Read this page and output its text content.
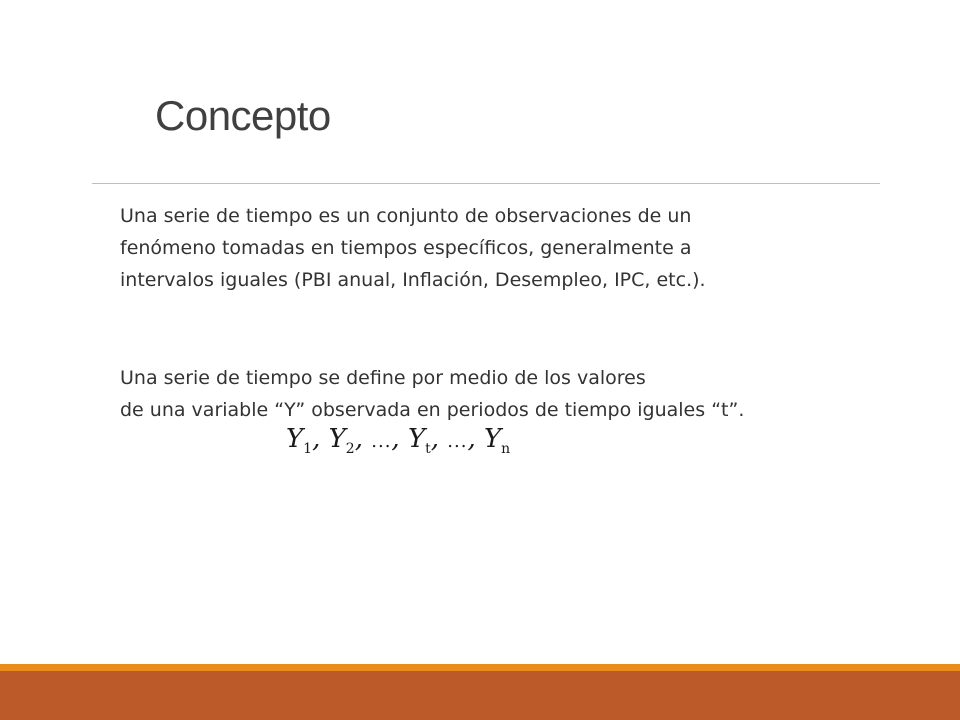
Concepto
Una serie de tiempo es un conjunto de observaciones de un
fenómeno tomadas en tiempos específicos, generalmente a
intervalos iguales (PBI anual, Inflación, Desempleo, IPC, etc.).
Una serie de tiempo se define por medio de los valores
de una variable “Y” observada en periodos de tiempo iguales “t”.
$Y_1$, $Y_2$, ..., $Y_t$, ..., $Y_n$
